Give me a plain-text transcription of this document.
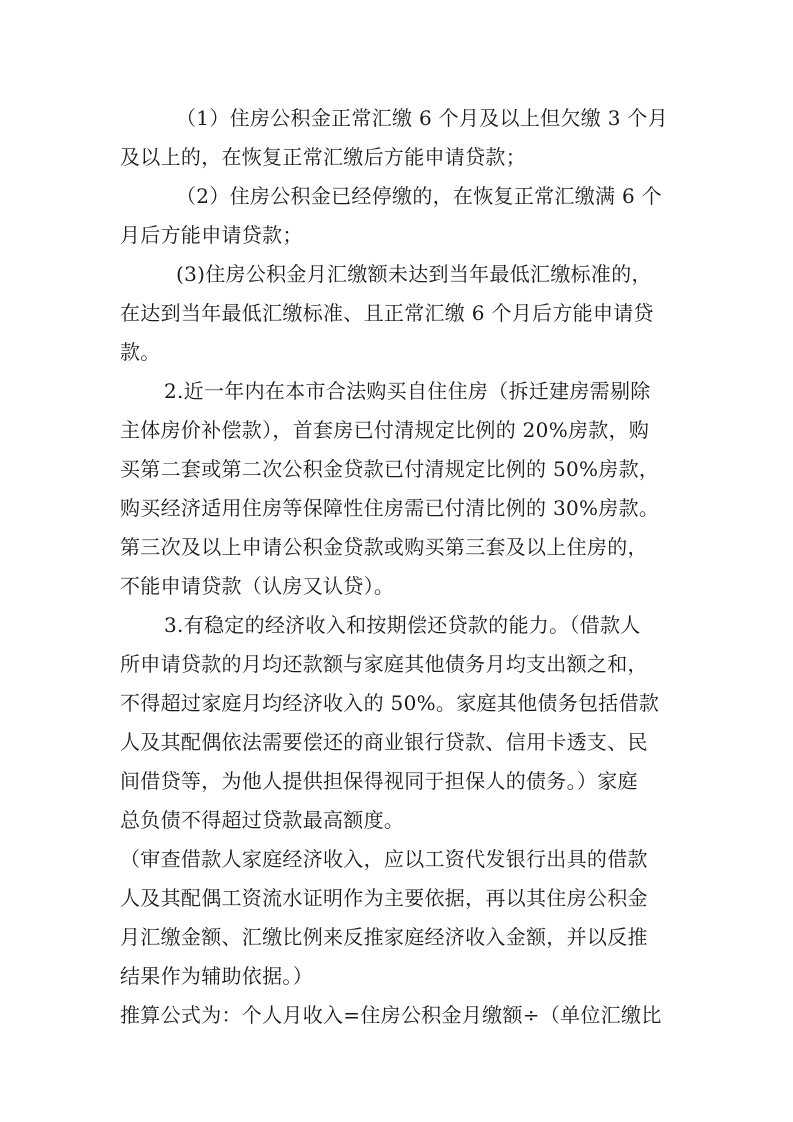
（1）住房公积金正常汇缴 6 个月及以上但欠缴 3 个月
及以上的，在恢复正常汇缴后方能申请贷款；
（2）住房公积金已经停缴的，在恢复正常汇缴满 6 个
月后方能申请贷款；
(3)住房公积金月汇缴额未达到当年最低汇缴标准的，
在达到当年最低汇缴标准、且正常汇缴 6 个月后方能申请贷
款。
2.近一年内在本市合法购买自住住房（拆迁建房需剔除
主体房价补偿款），首套房已付清规定比例的 20%房款，购
买第二套或第二次公积金贷款已付清规定比例的 50%房款，
购买经济适用住房等保障性住房需已付清比例的 30%房款。
第三次及以上申请公积金贷款或购买第三套及以上住房的，
不能申请贷款（认房又认贷）。
3.有稳定的经济收入和按期偿还贷款的能力。（借款人
所申请贷款的月均还款额与家庭其他债务月均支出额之和，
不得超过家庭月均经济收入的 50%。家庭其他债务包括借款
人及其配偶依法需要偿还的商业银行贷款、信用卡透支、民
间借贷等，为他人提供担保得视同于担保人的债务。）家庭
总负债不得超过贷款最高额度。
（审查借款人家庭经济收入，应以工资代发银行出具的借款
人及其配偶工资流水证明作为主要依据，再以其住房公积金
月汇缴金额、汇缴比例来反推家庭经济收入金额，并以反推
结果作为辅助依据。）
推算公式为：个人月收入=住房公积金月缴额÷（单位汇缴比
